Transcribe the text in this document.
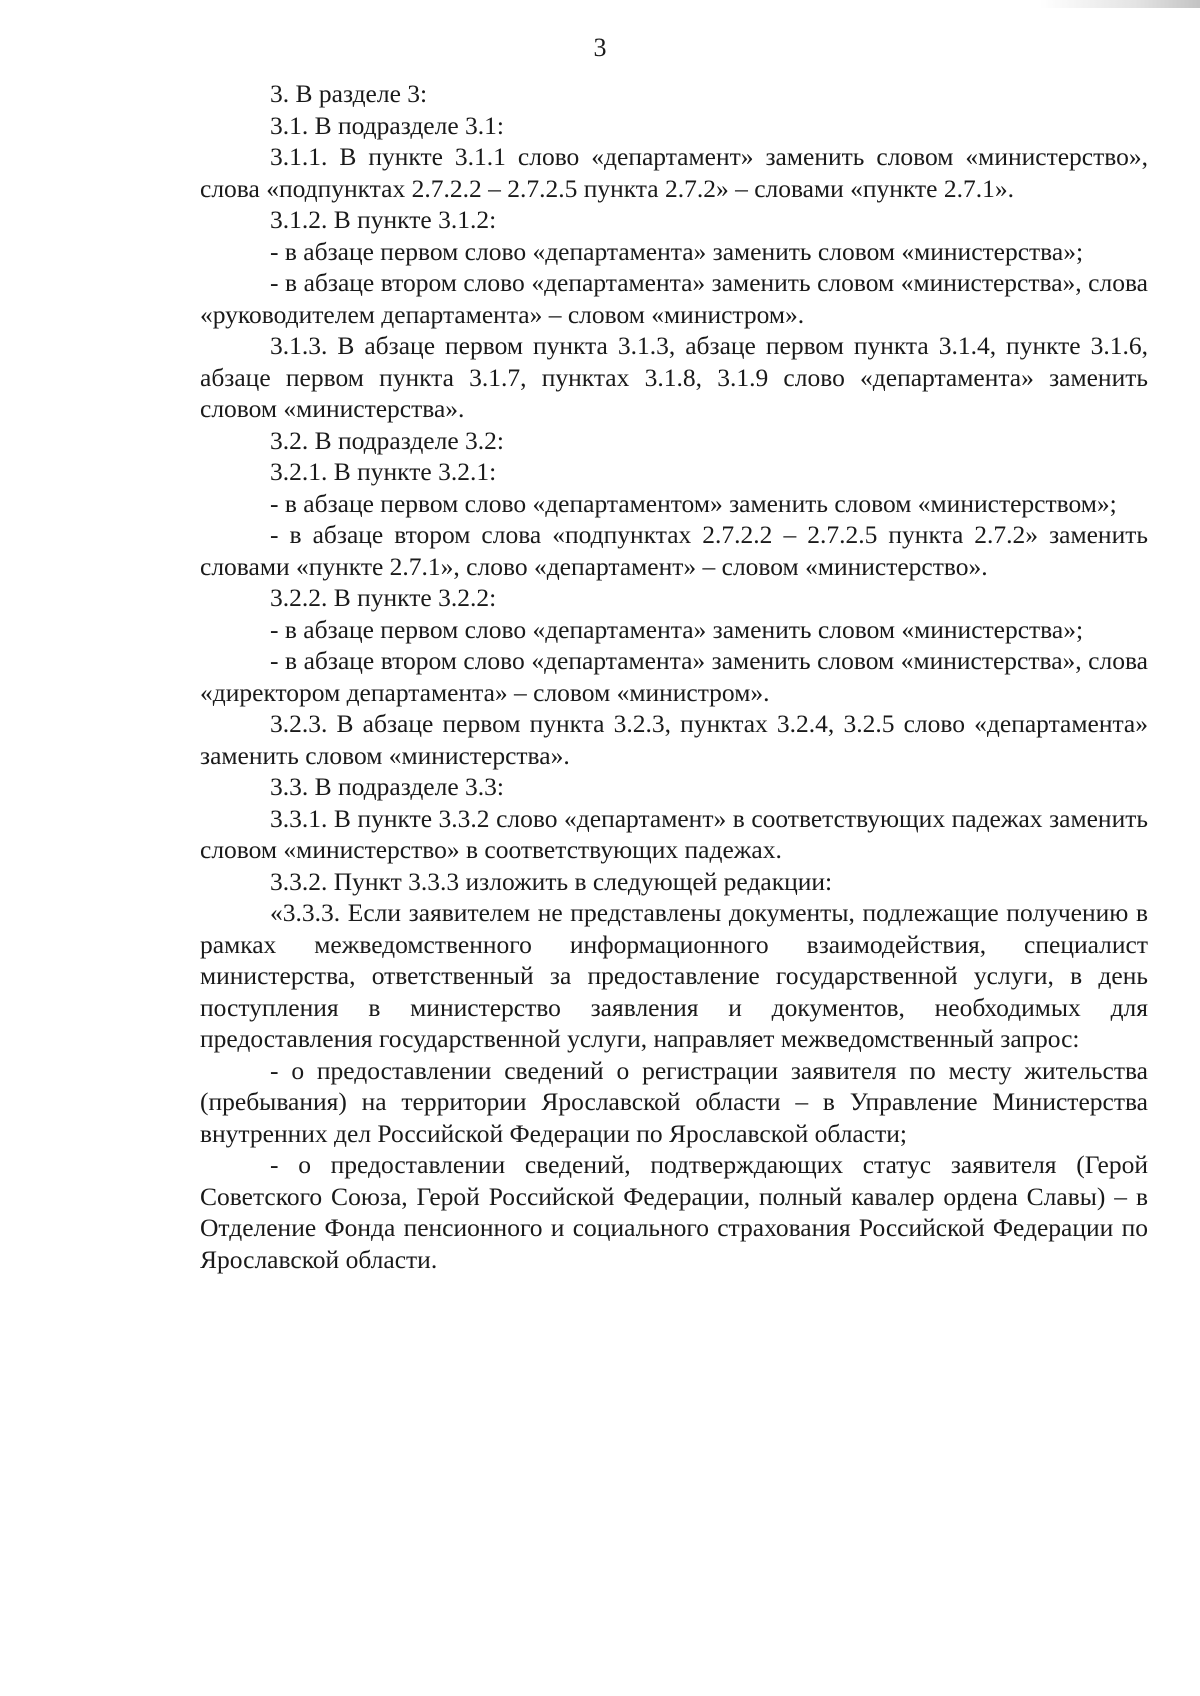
3

3. В разделе 3:

3.1. В подразделе 3.1:

3.1.1. В пункте 3.1.1 слово «департамент» заменить словом «министерство», слова «подпунктах 2.7.2.2 – 2.7.2.5 пункта 2.7.2» – словами «пункте 2.7.1».

3.1.2. В пункте 3.1.2:

- в абзаце первом слово «департамента» заменить словом «министерства»;

- в абзаце втором слово «департамента» заменить словом «министерства», слова «руководителем департамента» – словом «министром».

3.1.3. В абзаце первом пункта 3.1.3, абзаце первом пункта 3.1.4, пункте 3.1.6, абзаце первом пункта 3.1.7, пунктах 3.1.8, 3.1.9 слово «департамента» заменить словом «министерства».

3.2. В подразделе 3.2:

3.2.1. В пункте 3.2.1:

- в абзаце первом слово «департаментом» заменить словом «министерством»;

- в абзаце втором слова «подпунктах 2.7.2.2 – 2.7.2.5 пункта 2.7.2» заменить словами «пункте 2.7.1», слово «департамент» – словом «министерство».

3.2.2. В пункте 3.2.2:

- в абзаце первом слово «департамента» заменить словом «министерства»;

- в абзаце втором слово «департамента» заменить словом «министерства», слова «директором департамента» – словом «министром».

3.2.3. В абзаце первом пункта 3.2.3, пунктах 3.2.4, 3.2.5 слово «департамента» заменить словом «министерства».

3.3. В подразделе 3.3:

3.3.1. В пункте 3.3.2 слово «департамент» в соответствующих падежах заменить словом «министерство» в соответствующих падежах.

3.3.2. Пункт 3.3.3 изложить в следующей редакции:

«3.3.3. Если заявителем не представлены документы, подлежащие получению в рамках межведомственного информационного взаимодействия, специалист министерства, ответственный за предоставление государственной услуги, в день поступления в министерство заявления и документов, необходимых для предоставления государственной услуги, направляет межведомственный запрос:

- о предоставлении сведений о регистрации заявителя по месту жительства (пребывания) на территории Ярославской области – в Управление Министерства внутренних дел Российской Федерации по Ярославской области;

- о предоставлении сведений, подтверждающих статус заявителя (Герой Советского Союза, Герой Российской Федерации, полный кавалер ордена Славы) – в Отделение Фонда пенсионного и социального страхования Российской Федерации по Ярославской области.
